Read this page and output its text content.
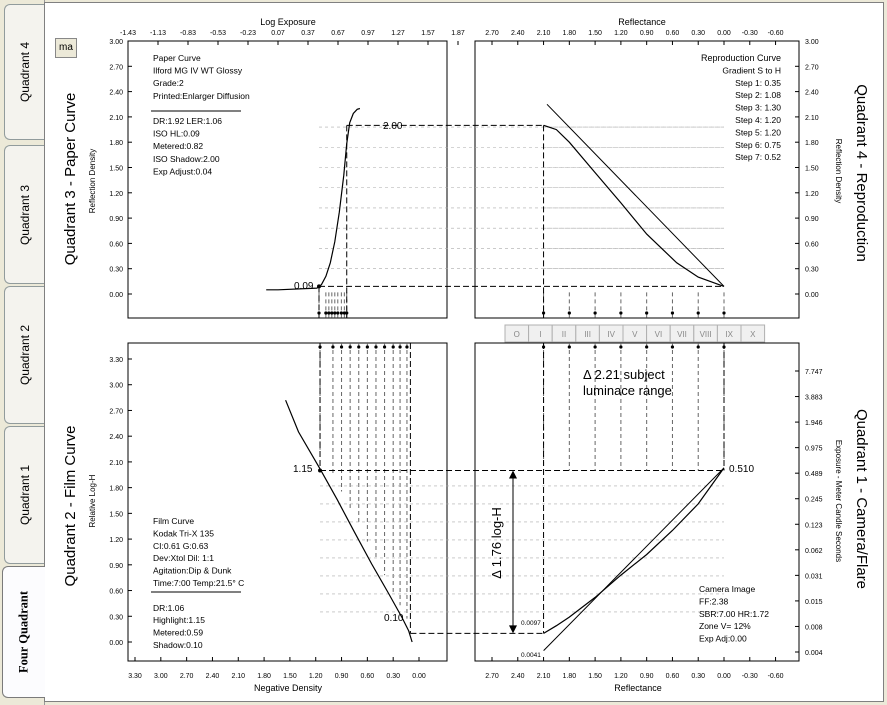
Quadrant 4
Quadrant 3
Quadrant 2
Quadrant 1
Four Quadrant
Log Exposure
-1.43 -1.13 -0.83 -0.53 -0.23 0.07 0.37 0.67 0.97 1.27 1.57 1.87
3.00
2.70
2.40
2.10
1.80
1.50
1.20
0.90
0.60
0.30
0.00
Reflection Density
Quadrant 3 - Paper Curve
Paper Curve
Ilford MG IV WT Glossy
Grade:2
Printed:Enlarger Diffusion
DR:1.92 LER:1.06
ISO HL:0.09
Metered:0.82
ISO Shadow:2.00
Exp Adjust:0.04
0.09
2.00
Reflectance
2.70 2.40 2.10 1.80 1.50 1.20 0.90 0.60 0.30 0.00 -0.30 -0.60
3.00
2.70
2.40
2.10
1.80
1.50
1.20
0.90
0.60
0.30
0.00
Reflection Density Quadrant 4 - Reproduction
Reproduction Curve
Gradient S to H
Step 1: 0.35
Step 2: 1.08
Step 3: 1.30
Step 4: 1.20
Step 5: 1.20
Step 6: 0.75
Step 7: 0.52
O I	II III IV V VI VII VIII IX X
3.30 3.00 2.70 2.40 2.10 1.80 1.50 1.20 0.90 0.60 0.30 0.00
Negative Density
3.30
3.00
2.70
2.40
2.10
1.80
1.50
1.20
0.90
0.60
0.30
0.00
Relative Log-H
Quadrant 2 - Film Curve	Film Curve
Kodak Tri-X 135
CI:0.61 G:0.63
Dev:Xtol Dil: 1:1
Agitation:Dip & Dunk
Time:7:00 Temp:21.5° C
DR:1.06
Highlight:1.15
Metered:0.59
Shadow:0.10
1.15
0.10
2.70 2.40 2.10 1.80 1.50 1.20 0.90 0.60 0.30 0.00 -0.30 -0.60
Reflectance
7.747
3.883
1.946
0.975
0.489
0.245
0.123
0.062
0.031
0.015
0.008
0.004
Exposure - Meter Candle Seconds Quadrant 1 - Camera/Flare
Camera Image
FF:2.38
SBR:7.00 HR:1.72
Zone V= 12%
Exp Adj:0.00
0.510
0.0097
0.0041
Δ 2.21 subject
luminace range
Δ 1.76 log-H
ma
